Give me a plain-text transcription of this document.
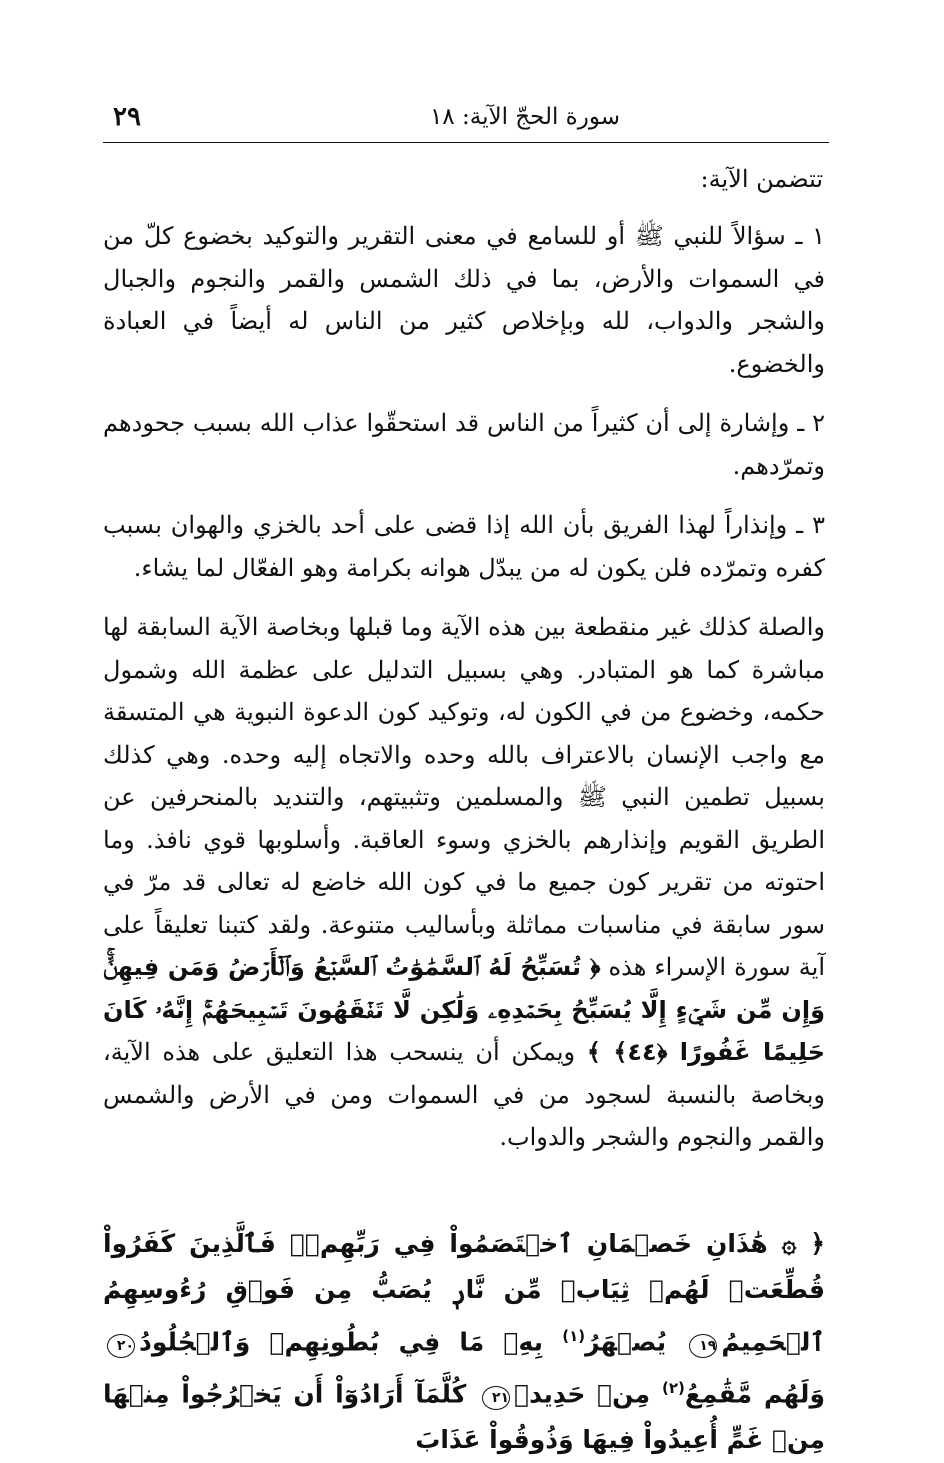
سورة الحجّ الآية: ١٨
٢٩
تتضمن الآية:

١ ـ سؤالاً للنبي ﷺ أو للسامع في معنى التقرير والتوكيد بخضوع كلّ من في السموات والأرض، بما في ذلك الشمس والقمر والنجوم والجبال والشجر والدواب، لله وبإخلاص كثير من الناس له أيضاً في العبادة والخضوع.

٢ ـ وإشارة إلى أن كثيراً من الناس قد استحقّوا عذاب الله بسبب جحودهم وتمرّدهم.

٣ ـ وإنذاراً لهذا الفريق بأن الله إذا قضى على أحد بالخزي والهوان بسبب كفره وتمرّده فلن يكون له من يبدّل هوانه بكرامة وهو الفعّال لما يشاء.

والصلة كذلك غير منقطعة بين هذه الآية وما قبلها وبخاصة الآية السابقة لها مباشرة كما هو المتبادر. وهي بسبيل التدليل على عظمة الله وشمول حكمه، وخضوع من في الكون له، وتوكيد كون الدعوة النبوية هي المتسقة مع واجب الإنسان بالاعتراف بالله وحده والاتجاه إليه وحده. وهي كذلك بسبيل تطمين النبي ﷺ والمسلمين وتثبيتهم، والتنديد بالمنحرفين عن الطريق القويم وإنذارهم بالخزي وسوء العاقبة. وأسلوبها قوي نافذ. وما احتوته من تقرير كون جميع ما في كون الله خاضع له تعالى قد مرّ في سور سابقة في مناسبات مماثلة وبأساليب متنوعة. ولقد كتبنا تعليقاً على آية سورة الإسراء هذه ﴿ تُسَبِّحُ لَهُ ٱلسَّمَٰوَٰتُ ٱلسَّبۡعُ وَٱلۡأَرۡضُ وَمَن فِيهِنَّۚ وَإِن مِّن شَيۡءٍ إِلَّا يُسَبِّحُ بِحَمۡدِهِۦ وَلَٰكِن لَّا تَفۡقَهُونَ تَسۡبِيحَهُمۡۚ إِنَّهُۥ كَانَ حَلِيمًا غَفُورًا ﴿٤٤﴾ ﴾ ويمكن أن ينسحب هذا التعليق على هذه الآية، وبخاصة بالنسبة لسجود من في السموات ومن في الأرض والشمس والقمر والنجوم والشجر والدواب.

﴿ ۞ هَٰذَانِ خَصۡمَانِ ٱخۡتَصَمُواْ فِي رَبِّهِمۡۖ فَٱلَّذِينَ كَفَرُواْ قُطِّعَتۡ لَهُمۡ ثِيَابٞ مِّن نَّارٖ يُصَبُّ مِن فَوۡقِ رُءُوسِهِمُ ٱلۡحَمِيمُ١٩ يُصۡهَرُ$^{(١)}$ بِهِۦ مَا فِي بُطُونِهِمۡ وَٱلۡجُلُودُ٢٠ وَلَهُم مَّقَٰمِعُ$^{(٢)}$ مِنۡ حَدِيدٖ٢١ كُلَّمَآ أَرَادُوٓاْ أَن يَخۡرُجُواْ مِنۡهَا مِنۡ غَمٍّ أُعِيدُواْ فِيهَا وَذُوقُواْ عَذَابَ
